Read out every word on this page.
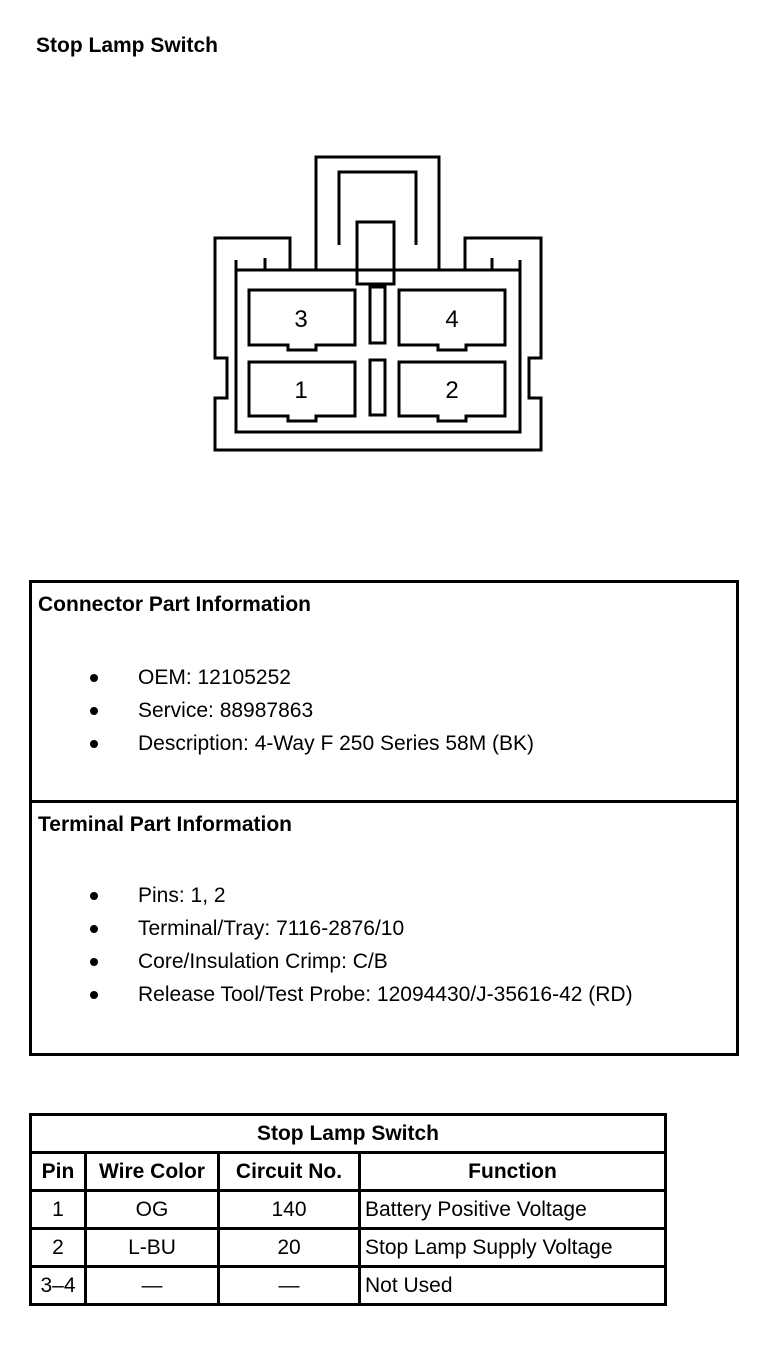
Stop Lamp Switch
3	4
1	2
Connector Part Information
OEM: 12105252
Service: 88987863
Description: 4-Way F 250 Series 58M (BK)
Terminal Part Information
Pins: 1, 2
Terminal/Tray: 7116-2876/10
Core/Insulation Crimp: C/B
Release Tool/Test Probe: 12094430/J-35616-42 (RD)
Stop Lamp Switch			
Pin	Wire Color	Circuit No.	Function
1	OG	140	Battery Positive Voltage
2	L-BU	20	Stop Lamp Supply Voltage
3–4	—	—	Not Used
